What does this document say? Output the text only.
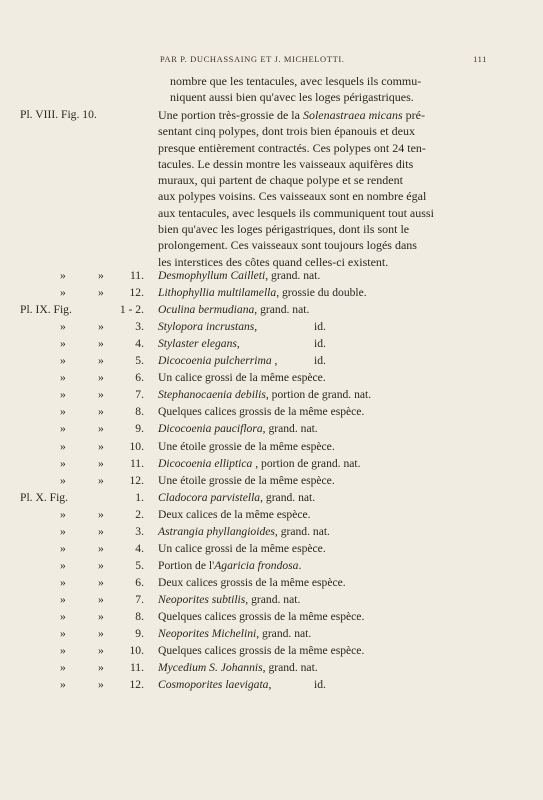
PAR P. DUCHASSAING ET J. MICHELOTTI.	111
nombre que les tentacules, avec lesquels ils commu-
niquent aussi bien qu'avec les loges périgastriques.
Pl. VIII. Fig. 10.	Une portion très-grossie de la Solenastraea micans pré-
sentant cinq polypes, dont trois bien épanouis et deux
presque entièrement contractés. Ces polypes ont 24 ten-
tacules. Le dessin montre les vaisseaux aquifères dits
muraux, qui partent de chaque polype et se rendent
aux polypes voisins. Ces vaisseaux sont en nombre égal
aux tentacules, avec lesquels ils communiquent tout aussi
bien qu'avec les loges périgastriques, dont ils sont le
prolongement. Ces vaisseaux sont toujours logés dans
les interstices des côtes quand celles-ci existent.
»	»	11. Desmophyllum Cailleti, grand. nat.
»	»	12. Lithophyllia multilamella, grossie du double.
Pl. IX. Fig.	1 - 2. Oculina bermudiana, grand. nat.
»	»	3. Stylopora incrustans,	id.
»	»	4. Stylaster elegans,	id.
»	»	5. Dicocoenia pulcherrima ,	id.
»	»	6. Un calice grossi de la même espèce.
»	»	7. Stephanocaenia debilis, portion de grand. nat.
»	»	8. Quelques calices grossis de la même espèce.
»	»	9. Dicocoenia pauciflora, grand. nat.
»	»	10. Une étoile grossie de la même espèce.
»	»	11. Dicocoenia elliptica , portion de grand. nat.
»	»	12. Une étoile grossie de la même espèce.
Pl. X. Fig.	1. Cladocora parvistella, grand. nat.
»	»	2. Deux calices de la même espèce.
»	»	3. Astrangia phyllangioides, grand. nat.
»	»	4. Un calice grossi de la même espèce.
»	»	5. Portion de l'Agaricia frondosa.
»	»	6. Deux calices grossis de la même espèce.
»	»	7. Neoporites subtilis, grand. nat.
»	»	8. Quelques calices grossis de la même espèce.
»	»	9. Neoporites Michelini, grand. nat.
»	»	10. Quelques calices grossis de la même espèce.
»	»	11. Mycedium S. Johannis, grand. nat.
»	»	12. Cosmoporites laevigata,	id.
